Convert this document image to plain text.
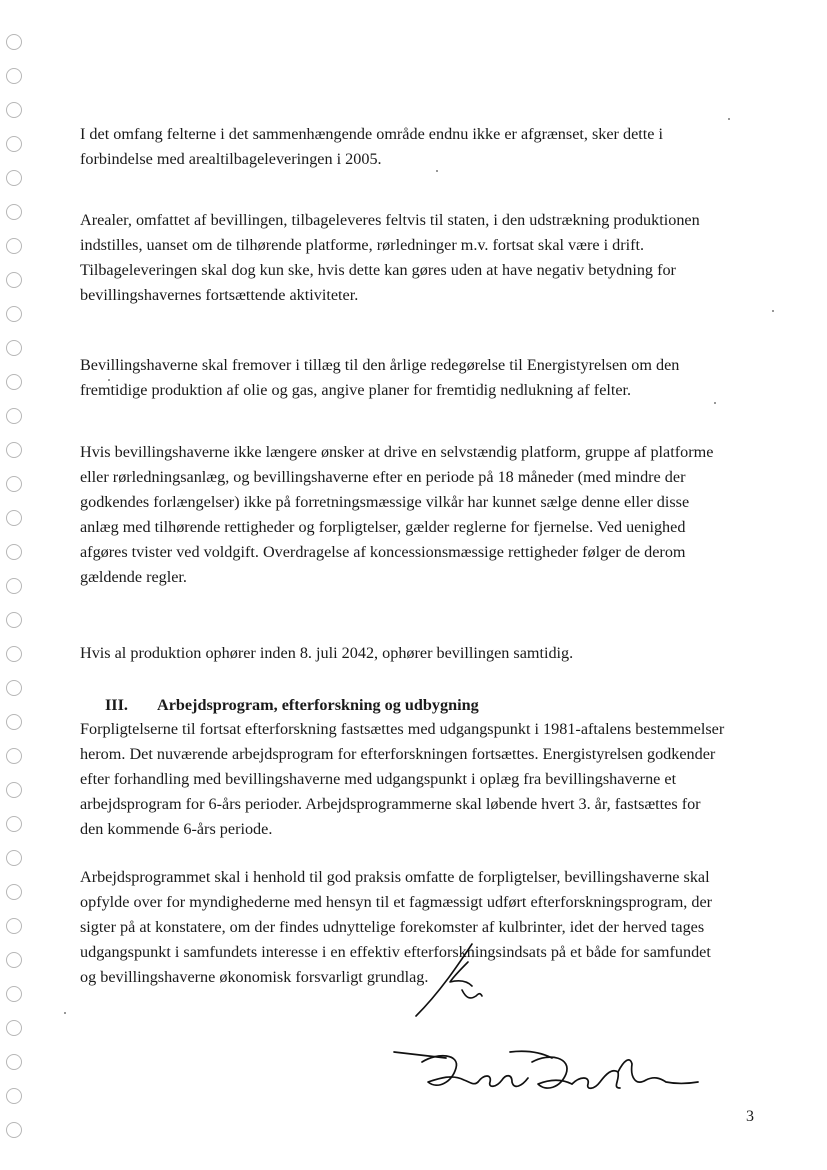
I det omfang felterne i det sammenhængende område endnu ikke er afgrænset, sker dette i
forbindelse med arealtilbageleveringen i 2005.
Arealer, omfattet af bevillingen, tilbageleveres feltvis til staten, i den udstrækning produktionen
indstilles, uanset om de tilhørende platforme, rørledninger m.v. fortsat skal være i drift.
Tilbageleveringen skal dog kun ske, hvis dette kan gøres uden at have negativ betydning for
bevillingshavernes fortsættende aktiviteter.
Bevillingshaverne skal fremover i tillæg til den årlige redegørelse til Energistyrelsen om den
fremtidige produktion af olie og gas, angive planer for fremtidig nedlukning af felter.
Hvis bevillingshaverne ikke længere ønsker at drive en selvstændig platform, gruppe af platforme
eller rørledningsanlæg, og bevillingshaverne efter en periode på 18 måneder (med mindre der
godkendes forlængelser) ikke på forretningsmæssige vilkår har kunnet sælge denne eller disse
anlæg med tilhørende rettigheder og forpligtelser, gælder reglerne for fjernelse. Ved uenighed
afgøres tvister ved voldgift. Overdragelse af koncessionsmæssige rettigheder følger de derom
gældende regler.
Hvis al produktion ophører inden 8. juli 2042, ophører bevillingen samtidig.
III. Arbejdsprogram, efterforskning og udbygning
Forpligtelserne til fortsat efterforskning fastsættes med udgangspunkt i 1981-aftalens bestemmelser
herom. Det nuværende arbejdsprogram for efterforskningen fortsættes. Energistyrelsen godkender
efter forhandling med bevillingshaverne med udgangspunkt i oplæg fra bevillingshaverne et
arbejdsprogram for 6-års perioder. Arbejdsprogrammerne skal løbende hvert 3. år, fastsættes for
den kommende 6-års periode.
Arbejdsprogrammet skal i henhold til god praksis omfatte de forpligtelser, bevillingshaverne skal
opfylde over for myndighederne med hensyn til et fagmæssigt udført efterforskningsprogram, der
sigter på at konstatere, om der findes udnyttelige forekomster af kulbrinter, idet der herved tages
udgangspunkt i samfundets interesse i en effektiv efterforskningsindsats på et både for samfundet
og bevillingshaverne økonomisk forsvarligt grundlag.
3
